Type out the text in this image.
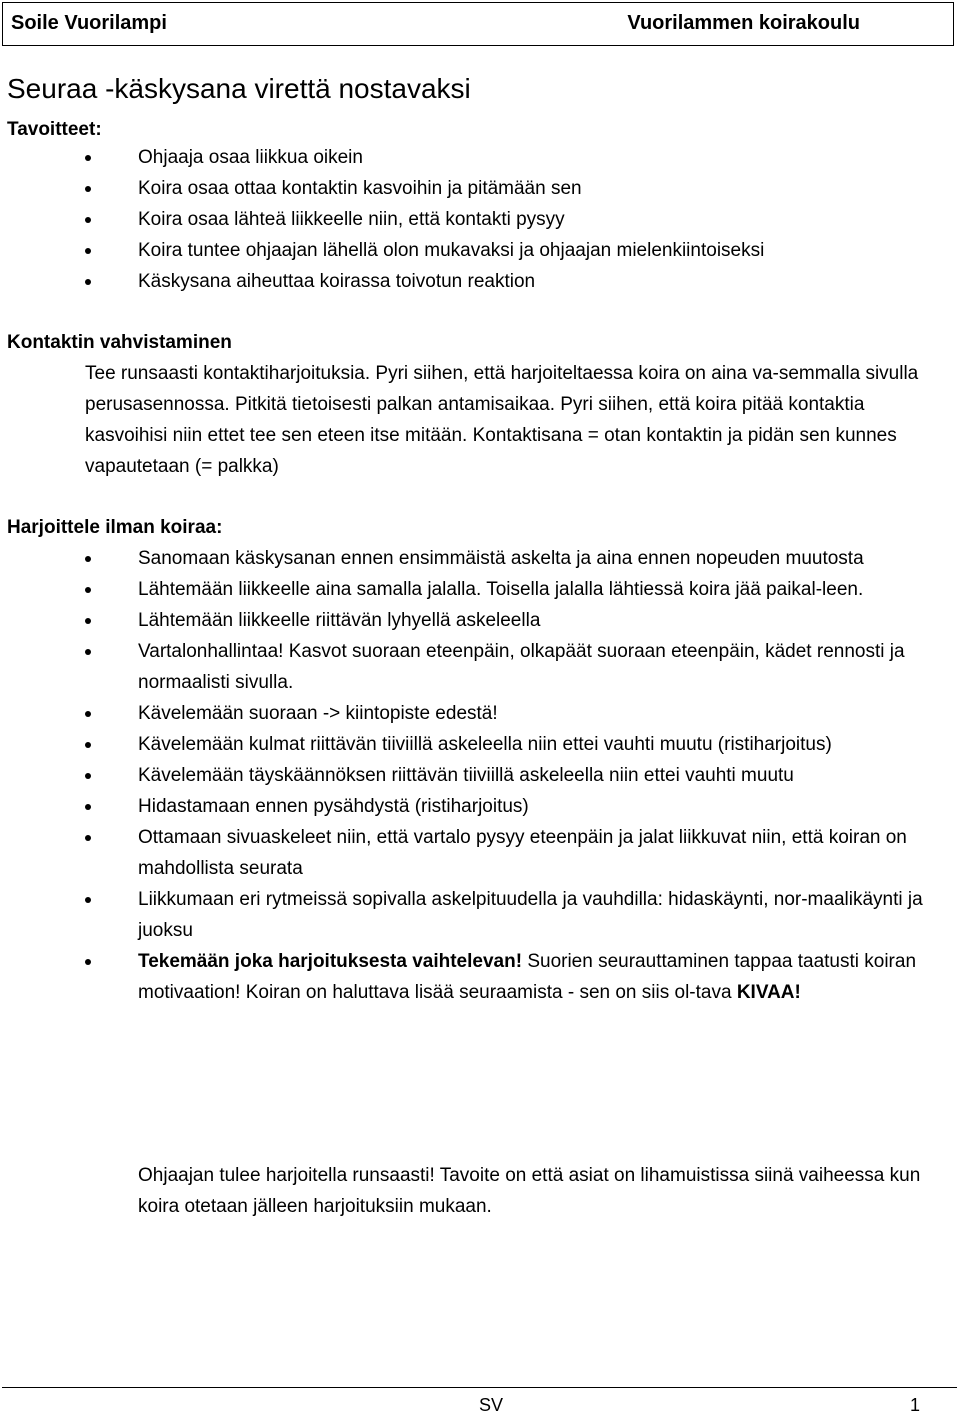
Soile Vuorilampi	Vuorilammen koirakoulu
Seuraa -käskysana virettä nostavaksi
Tavoitteet:
Ohjaaja osaa liikkua oikein
Koira osaa ottaa kontaktin kasvoihin ja pitämään sen
Koira osaa lähteä liikkeelle niin, että kontakti pysyy
Koira tuntee ohjaajan lähellä olon mukavaksi ja ohjaajan mielenkiintoiseksi
Käskysana aiheuttaa koirassa toivotun reaktion
Kontaktin vahvistaminen

Tee runsaasti kontaktiharjoituksia. Pyri siihen, että harjoiteltaessa koira on aina va-semmalla sivulla perusasennossa. Pitkitä tietoisesti palkan antamisaikaa. Pyri siihen, että koira pitää kontaktia kasvoihisi niin ettet tee sen eteen itse mitään. Kontaktisana = otan kontaktin ja pidän sen kunnes vapautetaan (= palkka)

Harjoittele ilman koiraa:
Sanomaan käskysanan ennen ensimmäistä askelta ja aina ennen nopeuden muutosta
Lähtemään liikkeelle aina samalla jalalla. Toisella jalalla lähtiessä koira jää paikal-leen.
Lähtemään liikkeelle riittävän lyhyellä askeleella
Vartalonhallintaa! Kasvot suoraan eteenpäin, olkapäät suoraan eteenpäin, kädet rennosti ja normaalisti sivulla.
Kävelemään suoraan -> kiintopiste edestä!
Kävelemään kulmat riittävän tiiviillä askeleella niin ettei vauhti muutu (ristiharjoitus)
Kävelemään täyskäännöksen riittävän tiiviillä askeleella niin ettei vauhti muutu
Hidastamaan ennen pysähdystä (ristiharjoitus)
Ottamaan sivuaskeleet niin, että vartalo pysyy eteenpäin ja jalat liikkuvat niin, että koiran on mahdollista seurata
Liikkumaan eri rytmeissä sopivalla askelpituudella ja vauhdilla: hidaskäynti, nor-maalikäynti ja juoksu
Tekemään joka harjoituksesta vaihtelevan! Suorien seurauttaminen tappaa taatusti koiran motivaation! Koiran on haluttava lisää seuraamista - sen on siis ol-tava KIVAA!

Ohjaajan tulee harjoitella runsaasti! Tavoite on että asiat on lihamuistissa siinä vaiheessa kun koira otetaan jälleen harjoituksiin mukaan.

SV	1
